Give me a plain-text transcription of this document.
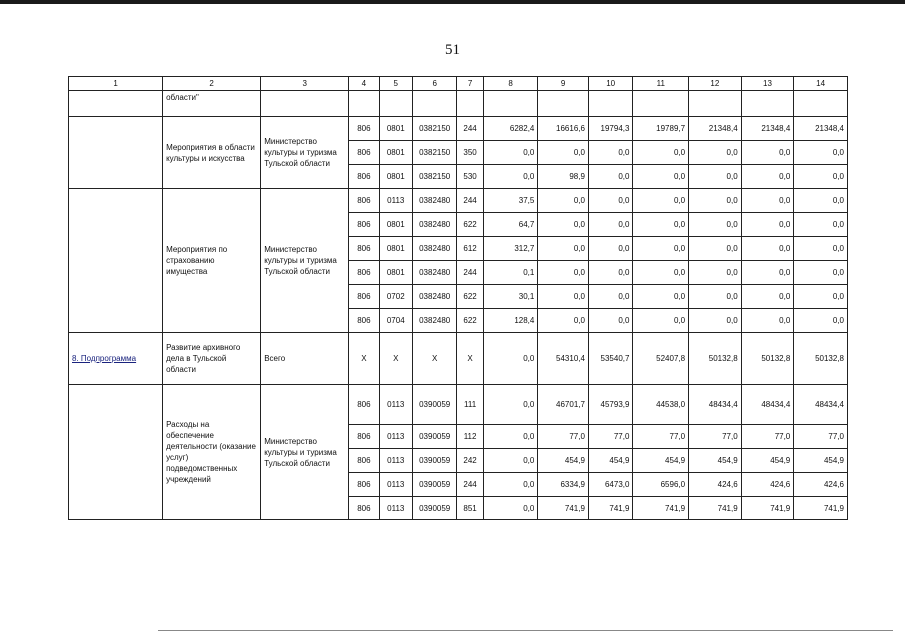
51
1	2	3	4	5	6	7	8	9	10	11	12	13	14
	области"												
	Мероприятия в области культуры и искусства	Министерство культуры и туризма Тульской области	806	0801	0382150	244	6282,4	16616,6	19794,3	19789,7	21348,4	21348,4	21348,4
			806	0801	0382150	350	0,0	0,0	0,0	0,0	0,0	0,0	0,0
			806	0801	0382150	530	0,0	98,9	0,0	0,0	0,0	0,0	0,0
	Мероприятия по страхованию имущества	Министерство культуры и туризма Тульской области	806	0113	0382480	244	37,5	0,0	0,0	0,0	0,0	0,0	0,0
			806	0801	0382480	622	64,7	0,0	0,0	0,0	0,0	0,0	0,0
			806	0801	0382480	612	312,7	0,0	0,0	0,0	0,0	0,0	0,0
			806	0801	0382480	244	0,1	0,0	0,0	0,0	0,0	0,0	0,0
			806	0702	0382480	622	30,1	0,0	0,0	0,0	0,0	0,0	0,0
			806	0704	0382480	622	128,4	0,0	0,0	0,0	0,0	0,0	0,0
8. Подпрограмма	Развитие архивного дела в Тульской области	Всего	Х	Х	Х	Х	0,0	54310,4	53540,7	52407,8	50132,8	50132,8	50132,8
	Расходы на обеспечение деятельности (оказание услуг) подведомственных учреждений	Министерство культуры и туризма Тульской области	806	0113	0390059	111	0,0	46701,7	45793,9	44538,0	48434,4	48434,4	48434,4
			806	0113	0390059	112	0,0	77,0	77,0	77,0	77,0	77,0	77,0
			806	0113	0390059	242	0,0	454,9	454,9	454,9	454,9	454,9	454,9
			806	0113	0390059	244	0,0	6334,9	6473,0	6596,0	424,6	424,6	424,6
			806	0113	0390059	851	0,0	741,9	741,9	741,9	741,9	741,9	741,9
